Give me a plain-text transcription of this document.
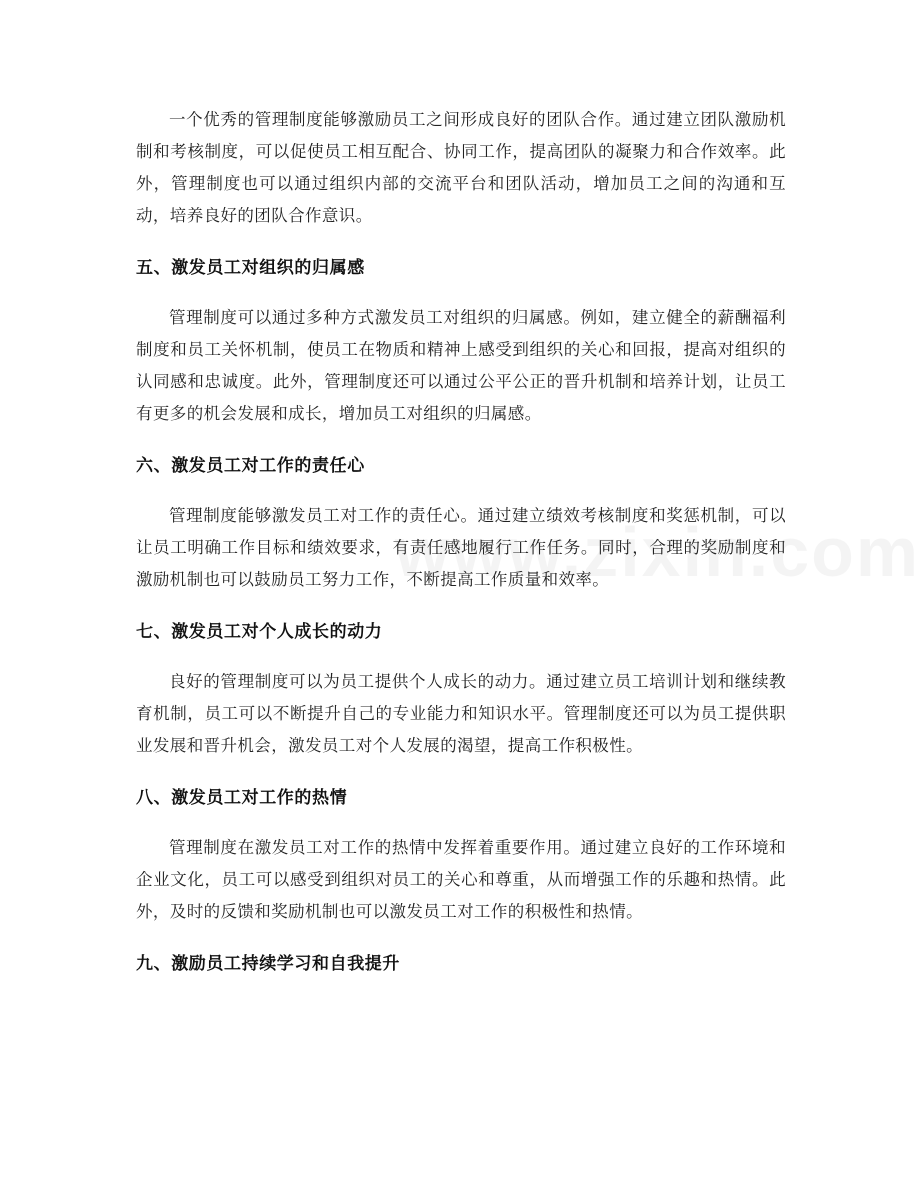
一个优秀的管理制度能够激励员工之间形成良好的团队合作。通过建立团队激励机制和考核制度，可以促使员工相互配合、协同工作，提高团队的凝聚力和合作效率。此外，管理制度也可以通过组织内部的交流平台和团队活动，增加员工之间的沟通和互动，培养良好的团队合作意识。

五、激发员工对组织的归属感

管理制度可以通过多种方式激发员工对组织的归属感。例如，建立健全的薪酬福利制度和员工关怀机制，使员工在物质和精神上感受到组织的关心和回报，提高对组织的认同感和忠诚度。此外，管理制度还可以通过公平公正的晋升机制和培养计划，让员工有更多的机会发展和成长，增加员工对组织的归属感。

六、激发员工对工作的责任心

管理制度能够激发员工对工作的责任心。通过建立绩效考核制度和奖惩机制，可以让员工明确工作目标和绩效要求，有责任感地履行工作任务。同时，合理的奖励制度和激励机制也可以鼓励员工努力工作，不断提高工作质量和效率。

七、激发员工对个人成长的动力

良好的管理制度可以为员工提供个人成长的动力。通过建立员工培训计划和继续教育机制，员工可以不断提升自己的专业能力和知识水平。管理制度还可以为员工提供职业发展和晋升机会，激发员工对个人发展的渴望，提高工作积极性。

八、激发员工对工作的热情

管理制度在激发员工对工作的热情中发挥着重要作用。通过建立良好的工作环境和企业文化，员工可以感受到组织对员工的关心和尊重，从而增强工作的乐趣和热情。此外，及时的反馈和奖励机制也可以激发员工对工作的积极性和热情。

九、激励员工持续学习和自我提升
